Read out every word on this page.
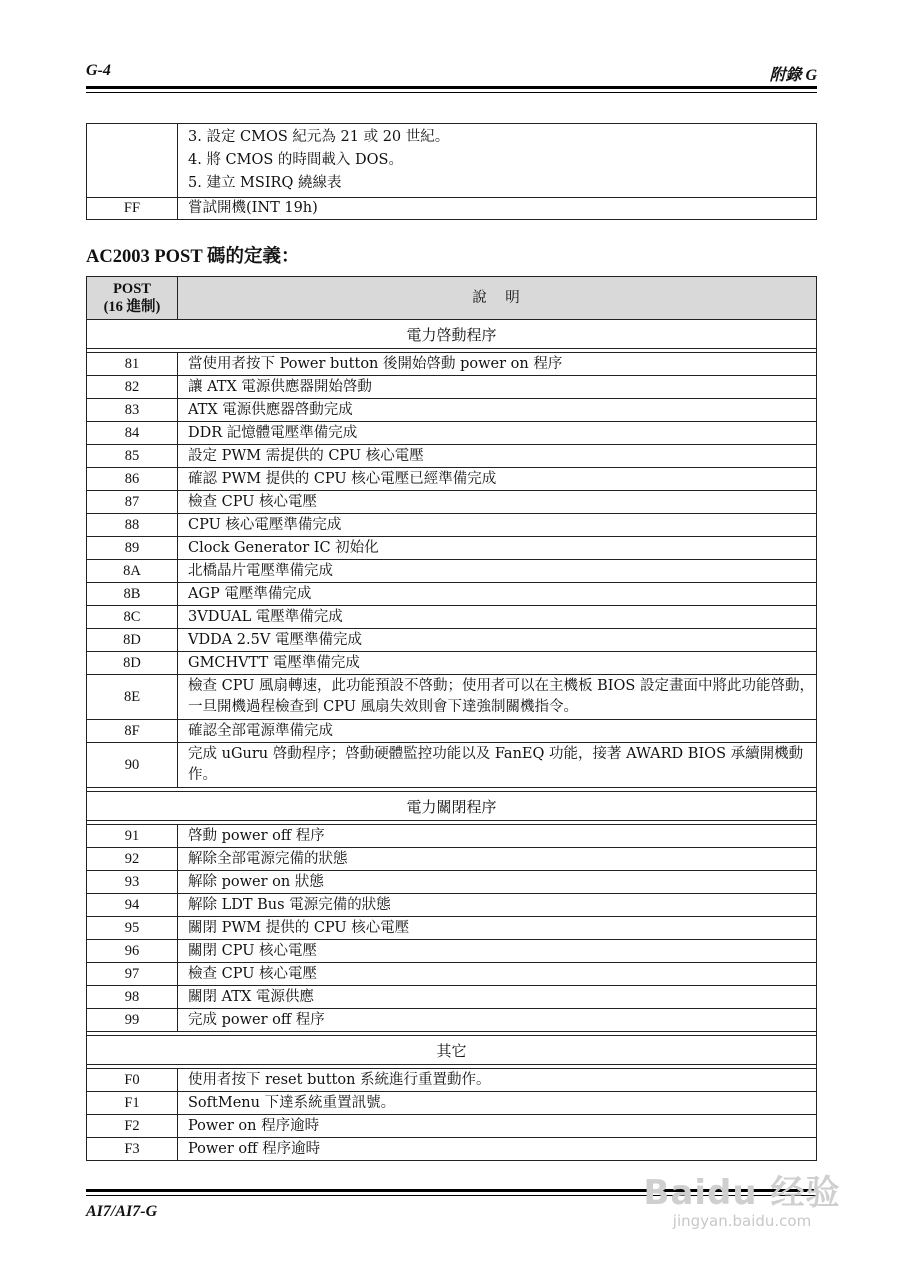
G-4	附錄 G

	3. 設定 CMOS 紀元為 21 或 20 世紀。
4. 將 CMOS 的時間載入 DOS。
5. 建立 MSIRQ 繞線表

FF	嘗試開機(INT 19h)
AC2003 POST 碼的定義：
POST
(16 進制)	說　明
電力啓動程序	

81	當使用者按下 Power button 後開始啓動 power on 程序
82	讓 ATX 電源供應器開始啓動
83	ATX 電源供應器啓動完成
84	DDR 記憶體電壓準備完成
85	設定 PWM 需提供的 CPU 核心電壓
86	確認 PWM 提供的 CPU 核心電壓已經準備完成
87	檢查 CPU 核心電壓
88	CPU 核心電壓準備完成
89	Clock Generator IC 初始化
8A	北橋晶片電壓準備完成
8B	AGP 電壓準備完成
8C	3VDUAL 電壓準備完成
8D	VDDA 2.5V 電壓準備完成
8D	GMCHVTT 電壓準備完成
8E	檢查 CPU 風扇轉速，此功能預設不啓動；使用者可以在主機板 BIOS 設定畫面中將此功能啓動，一旦開機過程檢查到 CPU 風扇失效則會下達強制關機指令。
8F	確認全部電源準備完成
90	完成 uGuru 啓動程序；啓動硬體監控功能以及 FanEQ 功能，接著 AWARD BIOS 承續開機動作。

電力關閉程序	

91	啓動 power off 程序
92	解除全部電源完備的狀態
93	解除 power on 狀態
94	解除 LDT Bus 電源完備的狀態
95	關閉 PWM 提供的 CPU 核心電壓
96	關閉 CPU 核心電壓
97	檢查 CPU 核心電壓
98	關閉 ATX 電源供應
99	完成 power off 程序

其它	

F0	使用者按下 reset button 系統進行重置動作。
F1	SoftMenu 下達系統重置訊號。
F2	Power on 程序逾時
F3	Power off 程序逾時
AI7/AI7-G	Baidu 经验
jingyan.baidu.com
